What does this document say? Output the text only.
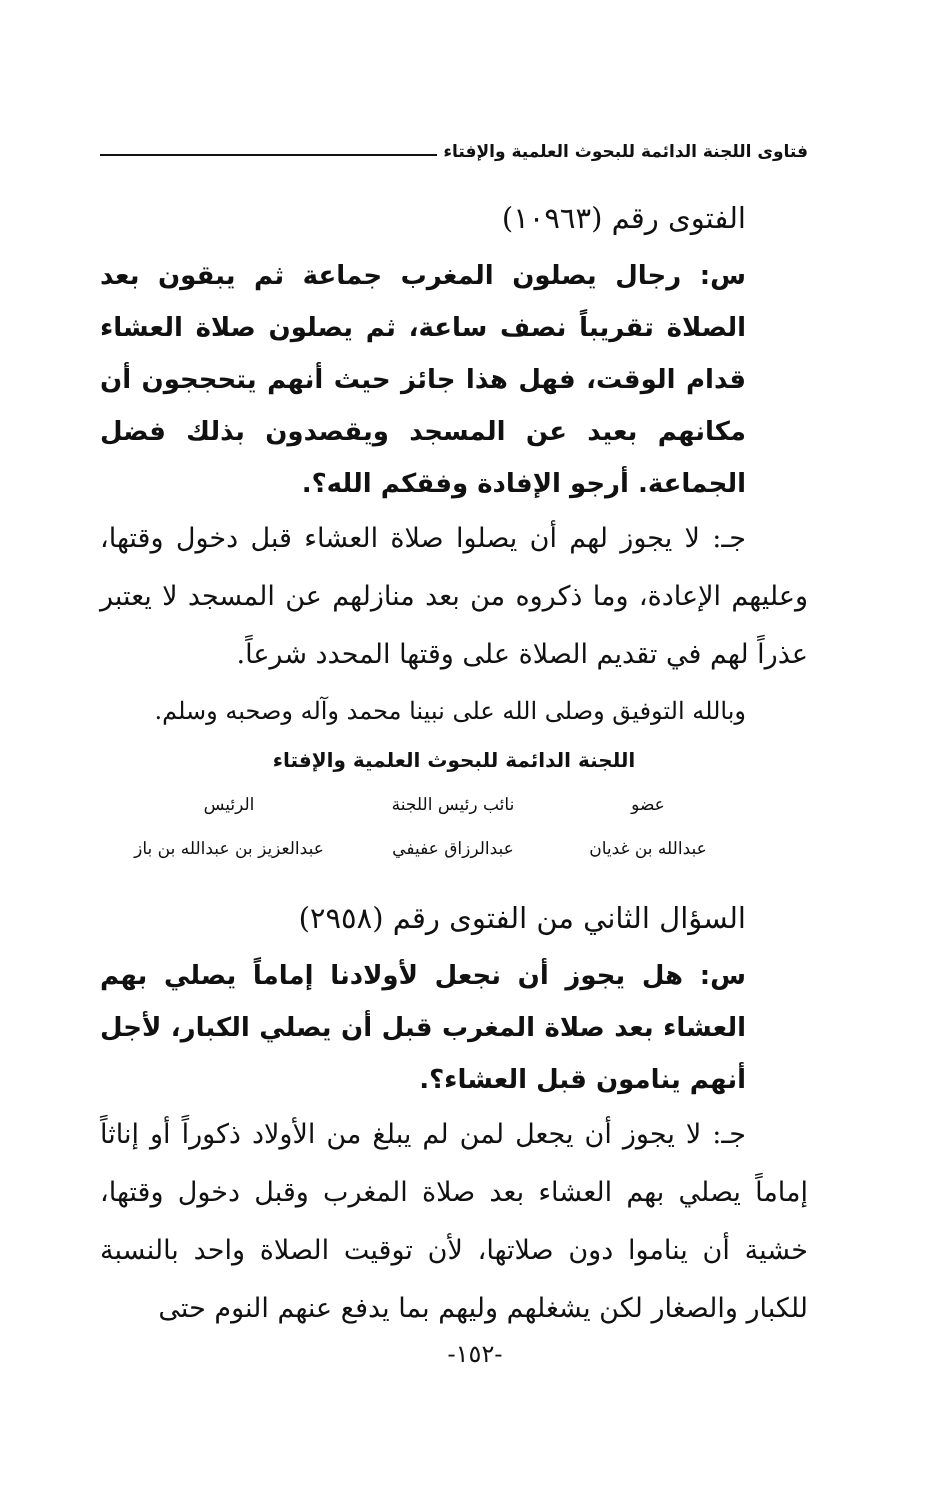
فتاوى اللجنة الدائمة للبحوث العلمية والإفتاء

الفتوى رقم (١٠٩٦٣)

س: رجال يصلون المغرب جماعة ثم يبقون بعد الصلاة تقريباً نصف ساعة، ثم يصلون صلاة العشاء قدام الوقت، فهل هذا جائز حيث أنهم يتحججون أن مكانهم بعيد عن المسجد ويقصدون بذلك فضل الجماعة. أرجو الإفادة وفقكم الله؟.

جـ: لا يجوز لهم أن يصلوا صلاة العشاء قبل دخول وقتها، وعليهم الإعادة، وما ذكروه من بعد منازلهم عن المسجد لا يعتبر عذراً لهم في تقديم الصلاة على وقتها المحدد شرعاً.

وبالله التوفيق وصلى الله على نبينا محمد وآله وصحبه وسلم.

اللجنة الدائمة للبحوث العلمية والإفتاء

عضو
نائب رئيس اللجنة
الرئيس
عبدالله بن غديان
عبدالرزاق عفيفي
عبدالعزيز بن عبدالله بن باز

السؤال الثاني من الفتوى رقم (٢٩٥٨)

س: هل يجوز أن نجعل لأولادنا إماماً يصلي بهم العشاء بعد صلاة المغرب قبل أن يصلي الكبار، لأجل أنهم ينامون قبل العشاء؟.

جـ: لا يجوز أن يجعل لمن لم يبلغ من الأولاد ذكوراً أو إناثاً إماماً يصلي بهم العشاء بعد صلاة المغرب وقبل دخول وقتها، خشية أن يناموا دون صلاتها، لأن توقيت الصلاة واحد بالنسبة للكبار والصغار لكن يشغلهم وليهم بما يدفع عنهم النوم حتى

-١٥٢-
